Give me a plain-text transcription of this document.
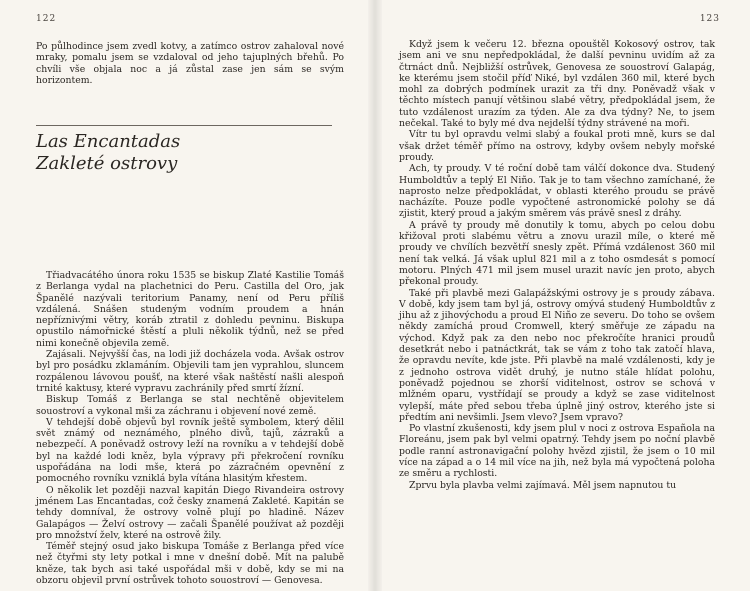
122

Po půlhodince jsem zvedl kotvy, a zatímco ostrov zahaloval nové mraky, pomalu jsem se vzdaloval od jeho tajuplných břehů. Po chvíli vše objala noc a já zůstal zase jen sám se svým horizontem.

Las Encantadas
Zakleté ostrovy

Třiadvacátého února roku 1535 se biskup Zlaté Kastilie Tomáš z Berlanga vydal na plachetnici do Peru. Castilla del Oro, jak Španělé nazývali teritorium Panamy, není od Peru příliš vzdálená. Snášen studeným vodním proudem a hnán nepříznivými větry, koráb ztratil z dohledu pevninu. Biskupa opustilo námořnické štěstí a pluli několik týdnů, než se před nimi konečně objevila země.

Zajásali. Nejvyšší čas, na lodi již docházela voda. Avšak ostrov byl pro posádku zklamáním. Objevili tam jen vyprahlou, sluncem rozpálenou lávovou poušť, na které však naštěstí našli alespoň trnité kaktusy, které vypravu zachránily před smrtí žízní.

Biskup Tomáš z Berlanga se stal nechtěně objevitelem souostroví a vykonal mši za záchranu i objevení nové země.

V tehdejší době objevů byl rovník ještě symbolem, který dělil svět známý od neznámého, plného divů, tajů, zázraků a nebezpečí. A poněvadž ostrovy leží na rovníku a v tehdejší době byl na každé lodi kněz, byla výpravy při překročení rovníku uspořádána na lodi mše, která po zázračném opevnění z pomocného rovníku vzniklá byla vítána hlasitým křestem.

O několik let později nazval kapitán Diego Rivandeira ostrovy jménem Las Encantadas, což česky znamená Zakleté. Kapitán se tehdy domníval, že ostrovy volně plují po hladině. Název Galapágos — Želví ostrovy — začali Španělé používat až později pro množství želv, které na ostrově žily.

Téměř stejný osud jako biskupa Tomáše z Berlanga před více než čtyřmi sty lety potkal i mne v dnešní době. Mít na palubě kněze, tak bych asi také uspořádal mši v době, kdy se mi na obzoru objevil první ostrůvek tohoto souostroví — Genovesa.

123

Když jsem k večeru 12. března opouštěl Kokosový ostrov, tak jsem ani ve snu nepředpokládal, že další pevninu uvidím až za čtrnáct dnů. Nejbližší ostrůvek, Genovesa ze souostroví Galapág, ke kterému jsem stočil příď Niké, byl vzdálen 360 mil, které bych mohl za dobrých podmínek urazit za tři dny. Poněvadž však v těchto místech panují většinou slabé větry, předpokládal jsem, že tuto vzdálenost urazím za týden. Ale za dva týdny? Ne, to jsem nečekal. Také to byly mé dva nejdelší týdny strávené na moři.

Vítr tu byl opravdu velmi slabý a foukal proti mně, kurs se dal však držet téměř přímo na ostrovy, kdyby ovšem nebyly mořské proudy.

Ach, ty proudy. V té roční době tam válčí dokonce dva. Studený Humboldtův a teplý El Niño. Tak je to tam všechno zamíchané, že naprosto nelze předpokládat, v oblasti kterého proudu se právě nacházíte. Pouze podle vypočtené astronomické polohy se dá zjistit, který proud a jakým směrem vás právě snesl z dráhy.

A právě ty proudy mě donutily k tomu, abych po celou dobu křižoval proti slabému větru a znovu urazil míle, o které mě proudy ve chvílích bezvětří snesly zpět. Přímá vzdálenost 360 mil není tak velká. Já však uplul 821 mil a z toho osmdesát s pomocí motoru. Plných 471 mil jsem musel urazit navíc jen proto, abych překonal proudy.

Také při plavbě mezi Galapážskými ostrovy je s proudy zábava. V době, kdy jsem tam byl já, ostrovy omývá studený Humboldtův z jihu až z jihovýchodu a proud El Niño ze severu. Do toho se ovšem někdy zamíchá proud Cromwell, který směřuje ze západu na východ. Když pak za den nebo noc překročíte hranici proudů desetkrát nebo i patnáctkrát, tak se vám z toho tak zatočí hlava, že opravdu nevíte, kde jste. Při plavbě na malé vzdálenosti, kdy je z jednoho ostrova vidět druhý, je nutno stále hlídat polohu, poněvadž pojednou se zhorší viditelnost, ostrov se schová v mlžném oparu, vystřídají se proudy a když se zase viditelnost vylepší, máte před sebou třeba úplně jiný ostrov, kterého jste si předtím ani nevšimli. Jsem vlevo? Jsem vpravo?

Po vlastní zkušenosti, kdy jsem plul v noci z ostrova Española na Floreánu, jsem pak byl velmi opatrný. Tehdy jsem po noční plavbě podle ranní astronavigační polohy hvězd zjistil, že jsem o 10 mil více na západ a o 14 mil více na jih, než byla má vypočtená poloha ze směru a rychlosti.

Zprvu byla plavba velmi zajímavá. Měl jsem napnutou tu
